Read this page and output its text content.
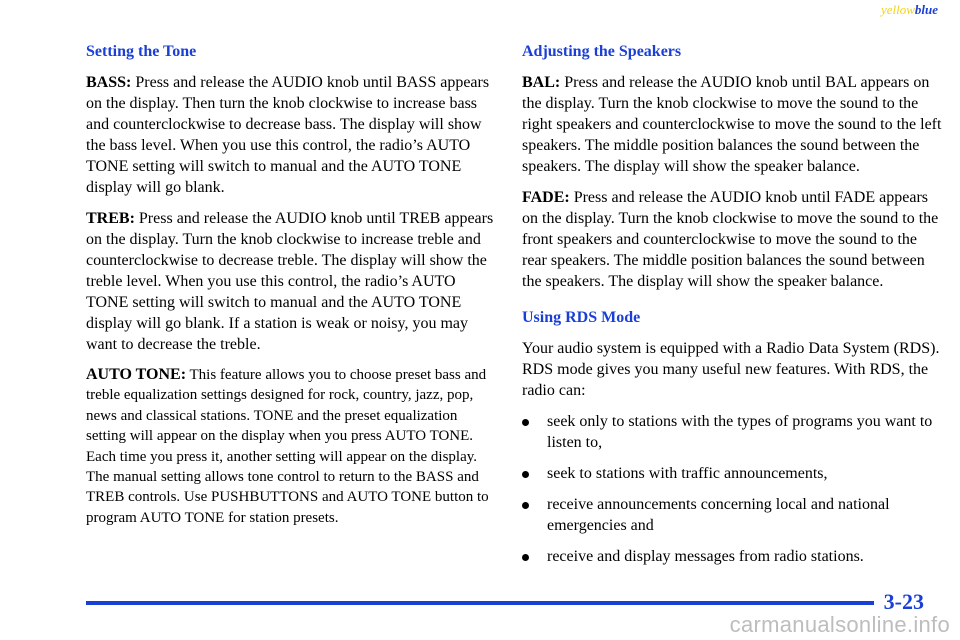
yellowblue
Setting the Tone

BASS: Press and release the AUDIO knob until BASS appears on the display. Then turn the knob clockwise to increase bass and counterclockwise to decrease bass. The display will show the bass level. When you use this control, the radio’s AUTO TONE setting will switch to manual and the AUTO TONE display will go blank.

TREB: Press and release the AUDIO knob until TREB appears on the display. Turn the knob clockwise to increase treble and counterclockwise to decrease treble. The display will show the treble level. When you use this control, the radio’s AUTO TONE setting will switch to manual and the AUTO TONE display will go blank. If a station is weak or noisy, you may want to decrease the treble.

AUTO TONE: This feature allows you to choose preset bass and treble equalization settings designed for rock, country, jazz, pop, news and classical stations. TONE and the preset equalization setting will appear on the display when you press AUTO TONE. Each time you press it, another setting will appear on the display. The manual setting allows tone control to return to the BASS and TREB controls. Use PUSHBUTTONS and AUTO TONE button to program AUTO TONE for station presets.

Adjusting the Speakers

BAL: Press and release the AUDIO knob until BAL appears on the display. Turn the knob clockwise to move the sound to the right speakers and counterclockwise to move the sound to the left speakers. The middle position balances the sound between the speakers. The display will show the speaker balance.

FADE: Press and release the AUDIO knob until FADE appears on the display. Turn the knob clockwise to move the sound to the front speakers and counterclockwise to move the sound to the rear speakers. The middle position balances the sound between the speakers. The display will show the speaker balance.

Using RDS Mode

Your audio system is equipped with a Radio Data System (RDS). RDS mode gives you many useful new features. With RDS, the radio can:

seek only to stations with the types of programs you want to listen to,
seek to stations with traffic announcements,
receive announcements concerning local and national emergencies and
receive and display messages from radio stations.
3-23
carmanualsonline.info
